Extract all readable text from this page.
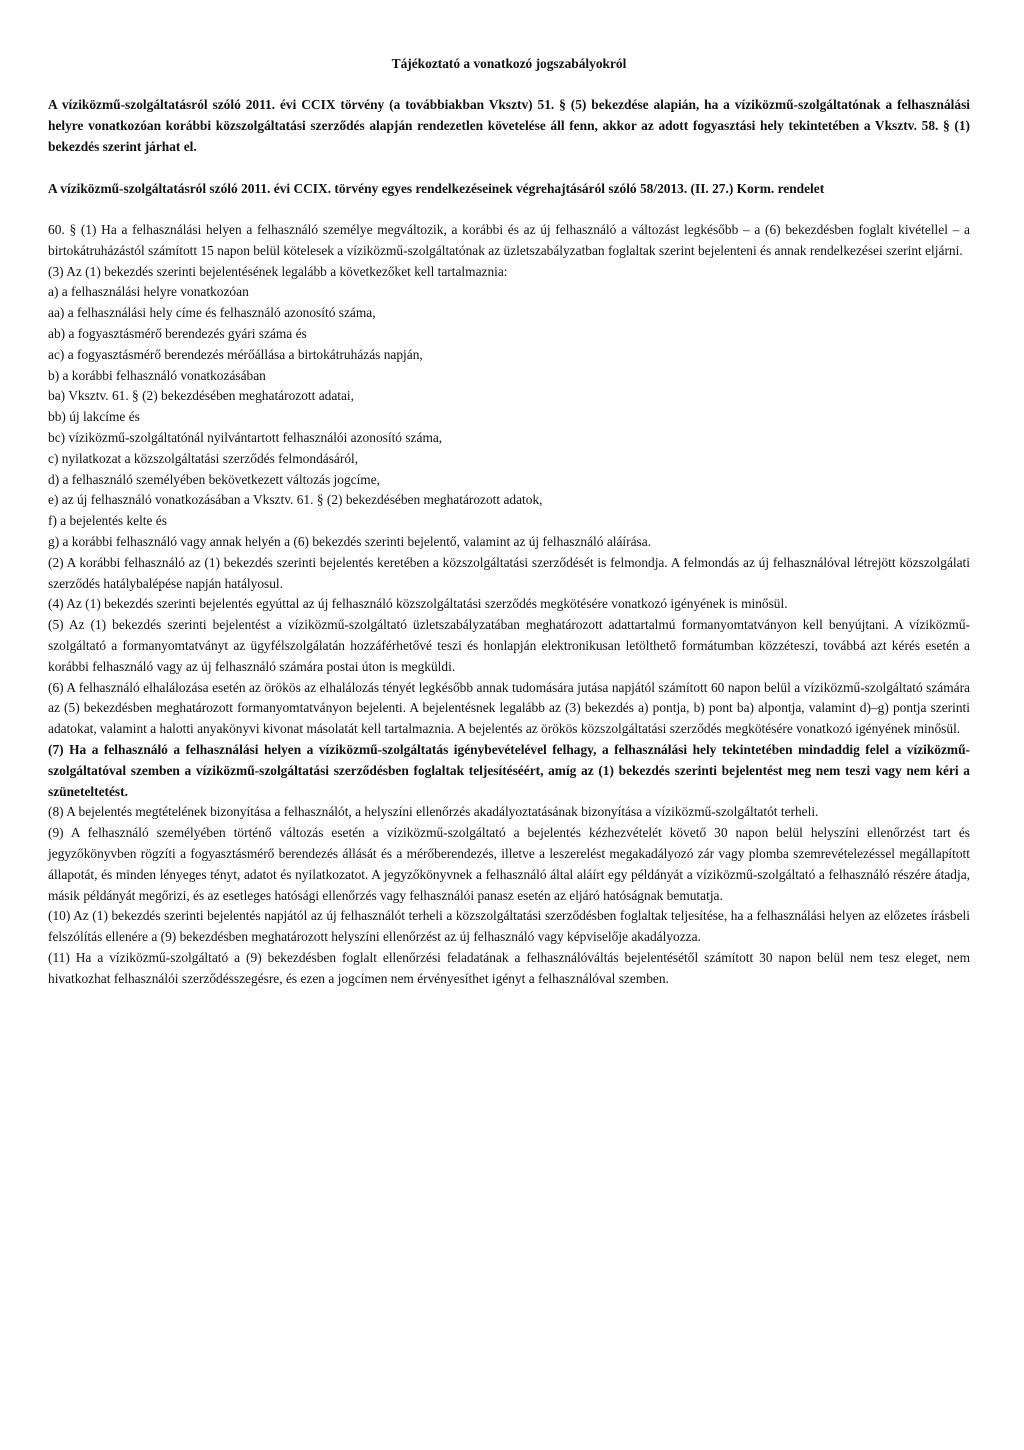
Tájékoztató a vonatkozó jogszabályokról

A víziközmű-szolgáltatásról szóló 2011. évi CCIX törvény (a továbbiakban Vksztv) 51. § (5) bekezdése alapián, ha a víziközmű-szolgáltatónak a felhasználási helyre vonatkozóan korábbi közszolgáltatási szerződés alapján rendezetlen követelése áll fenn, akkor az adott fogyasztási hely tekintetében a Vksztv. 58. § (1) bekezdés szerint járhat el.

A víziközmű-szolgáltatásról szóló 2011. évi CCIX. törvény egyes rendelkezéseinek végrehajtásáról szóló 58/2013. (II. 27.) Korm. rendelet

60. § (1) Ha a felhasználási helyen a felhasználó személye megváltozik, a korábbi és az új felhasználó a változást legkésőbb – a (6) bekezdésben foglalt kivétellel – a birtokátruházástól számított 15 napon belül kötelesek a víziközmű-szolgáltatónak az üzletszabályzatban foglaltak szerint bejelenteni és annak rendelkezései szerint eljárni.

(3) Az (1) bekezdés szerinti bejelentésének legalább a következőket kell tartalmaznia:

a) a felhasználási helyre vonatkozóan

aa) a felhasználási hely címe és felhasználó azonosító száma,

ab) a fogyasztásmérő berendezés gyári száma és

ac) a fogyasztásmérő berendezés mérőállása a birtokátruházás napján,

b) a korábbi felhasználó vonatkozásában

ba) Vksztv. 61. § (2) bekezdésében meghatározott adatai,

bb) új lakcíme és

bc) víziközmű-szolgáltatónál nyilvántartott felhasználói azonosító száma,

c) nyilatkozat a közszolgáltatási szerződés felmondásáról,

d) a felhasználó személyében bekövetkezett változás jogcíme,

e) az új felhasználó vonatkozásában a Vksztv. 61. § (2) bekezdésében meghatározott adatok,

f) a bejelentés kelte és

g) a korábbi felhasználó vagy annak helyén a (6) bekezdés szerinti bejelentő, valamint az új felhasználó aláírása.

(2) A korábbi felhasználó az (1) bekezdés szerinti bejelentés keretében a közszolgáltatási szerződését is felmondja. A felmondás az új felhasználóval létrejött közszolgálati szerződés hatálybalépése napján hatályosul.

(4) Az (1) bekezdés szerinti bejelentés egyúttal az új felhasználó közszolgáltatási szerződés megkötésére vonatkozó igényének is minősül.

(5) Az (1) bekezdés szerinti bejelentést a víziközmű-szolgáltató üzletszabályzatában meghatározott adattartalmú formanyomtatványon kell benyújtani. A víziközmű-szolgáltató a formanyomtatványt az ügyfélszolgálatán hozzáférhetővé teszi és honlapján elektronikusan letölthető formátumban közzéteszi, továbbá azt kérés esetén a korábbi felhasználó vagy az új felhasználó számára postai úton is megküldi.

(6) A felhasználó elhalálozása esetén az örökös az elhalálozás tényét legkésőbb annak tudomására jutása napjától számított 60 napon belül a víziközmű-szolgáltató számára az (5) bekezdésben meghatározott formanyomtatványon bejelenti. A bejelentésnek legalább az (3) bekezdés a) pontja, b) pont ba) alpontja, valamint d)–g) pontja szerinti adatokat, valamint a halotti anyakönyvi kivonat másolatát kell tartalmaznia. A bejelentés az örökös közszolgáltatási szerződés megkötésére vonatkozó igényének minősül.

(7) Ha a felhasználó a felhasználási helyen a víziközmű-szolgáltatás igénybevételével felhagy, a felhasználási hely tekintetében mindaddig felel a víziközmű-szolgáltatóval szemben a víziközmű-szolgáltatási szerződésben foglaltak teljesítéséért, amíg az (1) bekezdés szerinti bejelentést meg nem teszi vagy nem kéri a szüneteltetést.

(8) A bejelentés megtételének bizonyítása a felhasználót, a helyszíni ellenőrzés akadályoztatásának bizonyítása a víziközmű-szolgáltatót terheli.

(9) A felhasználó személyében történő változás esetén a víziközmű-szolgáltató a bejelentés kézhezvételét követő 30 napon belül helyszíni ellenőrzést tart és jegyzőkönyvben rögzíti a fogyasztásmérő berendezés állását és a mérőberendezés, illetve a leszerelést megakadályozó zár vagy plomba szemrevételezéssel megállapított állapotát, és minden lényeges tényt, adatot és nyilatkozatot. A jegyzőkönyvnek a felhasználó által aláírt egy példányát a víziközmű-szolgáltató a felhasználó részére átadja, másik példányát megőrizi, és az esetleges hatósági ellenőrzés vagy felhasználói panasz esetén az eljáró hatóságnak bemutatja.

(10) Az (1) bekezdés szerinti bejelentés napjától az új felhasználót terheli a közszolgáltatási szerződésben foglaltak teljesítése, ha a felhasználási helyen az előzetes írásbeli felszólítás ellenére a (9) bekezdésben meghatározott helyszíni ellenőrzést az új felhasználó vagy képviselője akadályozza.

(11) Ha a víziközmű-szolgáltató a (9) bekezdésben foglalt ellenőrzési feladatának a felhasználóváltás bejelentésétől számított 30 napon belül nem tesz eleget, nem hivatkozhat felhasználói szerződésszegésre, és ezen a jogcímen nem érvényesíthet igényt a felhasználóval szemben.
